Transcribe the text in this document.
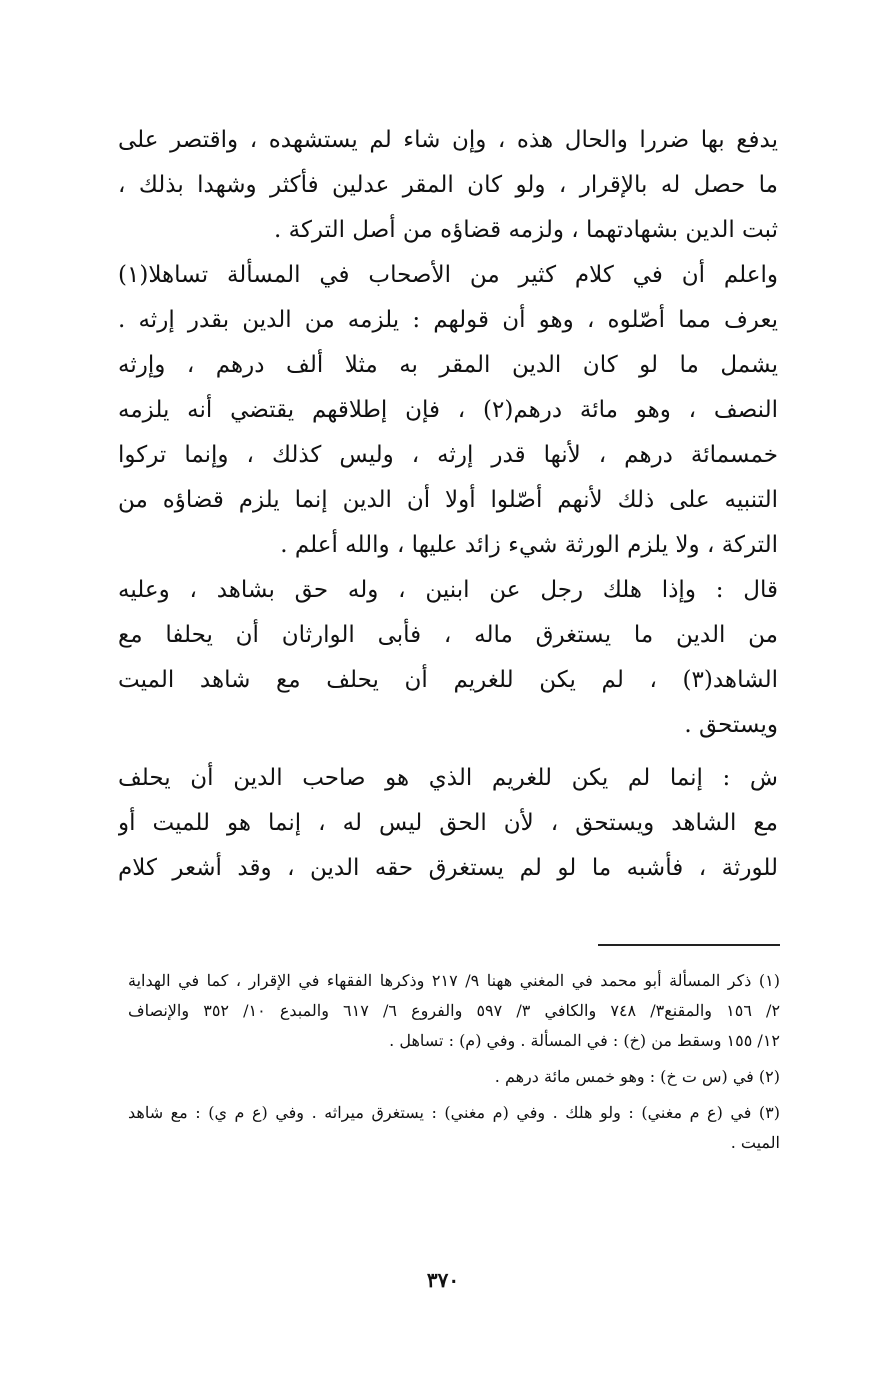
يدفع بها ضررا والحال هذه ، وإن شاء لم يستشهده ، واقتصر على
ما حصل له بالإقرار ، ولو كان المقر عدلين فأكثر وشهدا بذلك ،
ثبت الدين بشهادتهما ، ولزمه قضاؤه من أصل التركة .
واعلم أن في كلام كثير من الأصحاب في المسألة تساهلا(١)
يعرف مما أصّلوه ، وهو أن قولهم : يلزمه من الدين بقدر إرثه .
يشمل ما لو كان الدين المقر به مثلا ألف درهم ، وإرثه
النصف ، وهو مائة درهم(٢) ، فإن إطلاقهم يقتضي أنه يلزمه
خمسمائة درهم ، لأنها قدر إرثه ، وليس كذلك ، وإنما تركوا
التنبيه على ذلك لأنهم أصّلوا أولا أن الدين إنما يلزم قضاؤه من
التركة ، ولا يلزم الورثة شيء زائد عليها ، والله أعلم .
قال : وإذا هلك رجل عن ابنين ، وله حق بشاهد ، وعليه
من الدين ما يستغرق ماله ، فأبى الوارثان أن يحلفا مع
الشاهد(٣) ، لم يكن للغريم أن يحلف مع شاهد الميت
ويستحق .
ش : إنما لم يكن للغريم الذي هو صاحب الدين أن يحلف
مع الشاهد ويستحق ، لأن الحق ليس له ، إنما هو للميت أو
للورثة ، فأشبه ما لو لم يستغرق حقه الدين ، وقد أشعر كلام
(١) ذكر المسألة أبو محمد في المغني ههنا ٩/ ٢١٧ وذكرها الفقهاء في الإقرار ، كما في الهداية
٢/ ١٥٦ والمقنع٣/ ٧٤٨ والكافي ٣/ ٥٩٧ والفروع ٦/ ٦١٧ والمبدع ١٠/ ٣٥٢ والإنصاف
١٢/ ١٥٥ وسقط من (خ) : في المسألة . وفي (م) : تساهل .
(٢) في (س ت خ) : وهو خمس مائة درهم .
(٣) في (ع م مغني) : ولو هلك . وفي (م مغني) : يستغرق ميراثه . وفي (ع م ي) : مع شاهد
الميت .
٣٧٠
